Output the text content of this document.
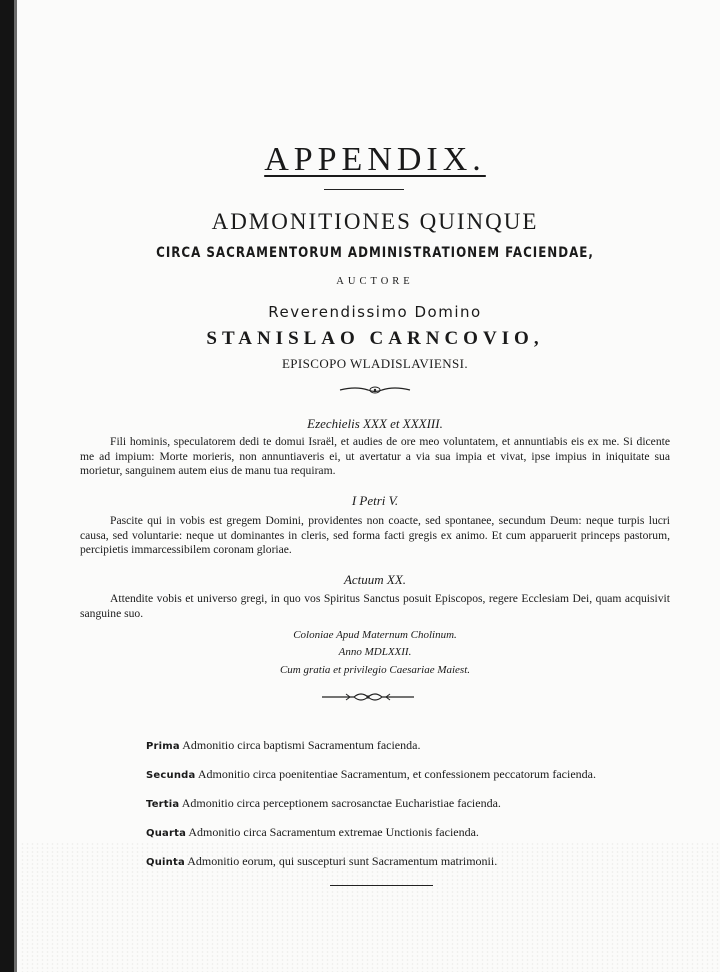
APPENDIX.
ADMONITIONES QUINQUE
CIRCA SACRAMENTORUM ADMINISTRATIONEM FACIENDAE,
AUCTORE
Reverendissimo Domino
STANISLAO CARNCOVIO,
EPISCOPO WLADISLAVIENSI.
Ezechielis XXX et XXXIII.
Fili hominis, speculatorem dedi te domui Israël, et audies de ore meo voluntatem, et annuntiabis eis ex me. Si dicente me ad impium: Morte morieris, non annuntiaveris ei, ut avertatur a via sua impia et vivat, ipse impius in iniquitate sua morietur, sanguinem autem eius de manu tua requiram.
I Petri V.
Pascite qui in vobis est gregem Domini, providentes non coacte, sed spontanee, secundum Deum: neque turpis lucri causa, sed voluntarie: neque ut dominantes in cleris, sed forma facti gregis ex animo. Et cum apparuerit princeps pastorum, percipietis immarcessibilem coronam gloriae.
Actuum XX.
Attendite vobis et universo gregi, in quo vos Spiritus Sanctus posuit Episcopos, regere Ecclesiam Dei, quam acquisivit sanguine suo.
Coloniae Apud Maternum Cholinum.
Anno MDLXXII.
Cum gratia et privilegio Caesariae Maiest.
Prima Admonitio circa baptismi Sacramentum facienda.
Secunda Admonitio circa poenitentiae Sacramentum, et confessionem peccatorum facienda.
Tertia Admonitio circa perceptionem sacrosanctae Eucharistiae facienda.
Quarta Admonitio circa Sacramentum extremae Unctionis facienda.
Quinta Admonitio eorum, qui suscepturi sunt Sacramentum matrimonii.
